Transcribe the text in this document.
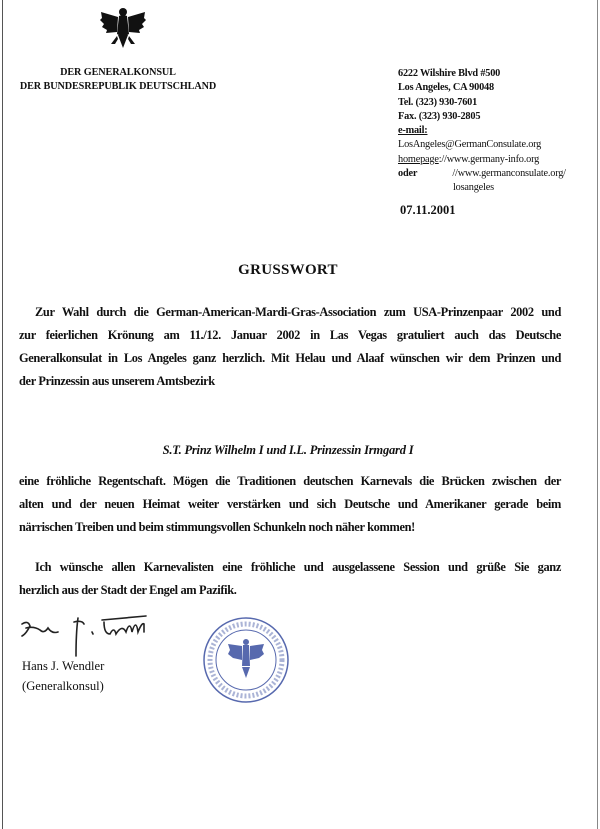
DER GENERALKONSUL
DER BUNDESREPUBLIK DEUTSCHLAND
6222 Wilshire Blvd #500
Los Angeles, CA 90048
Tel. (323) 930-7601
Fax. (323) 930-2805
e-mail:
LosAngeles@GermanConsulate.org
homepage://www.germany-info.org
oder	//www.germanconsulate.org/
losangeles
07.11.2001
GRUSSWORT
Zur Wahl durch die German-American-Mardi-Gras-Association zum USA-Prinzenpaar 2002 und
zur feierlichen Krönung am 11./12. Januar 2002 in Las Vegas gratuliert auch das Deutsche
Generalkonsulat in Los Angeles ganz herzlich. Mit Helau und Alaaf wünschen wir dem Prinzen und
der Prinzessin aus unserem Amtsbezirk
S.T. Prinz Wilhelm I und I.L. Prinzessin Irmgard I
eine fröhliche Regentschaft. Mögen die Traditionen deutschen Karnevals die Brücken zwischen der
alten und der neuen Heimat weiter verstärken und sich Deutsche und Amerikaner gerade beim
närrischen Treiben und beim stimmungsvollen Schunkeln noch näher kommen!
Ich wünsche allen Karnevalisten eine fröhliche und ausgelassene Session und grüße Sie ganz
herzlich aus der Stadt der Engel am Pazifik.
Hans J. Wendler
(Generalkonsul)
